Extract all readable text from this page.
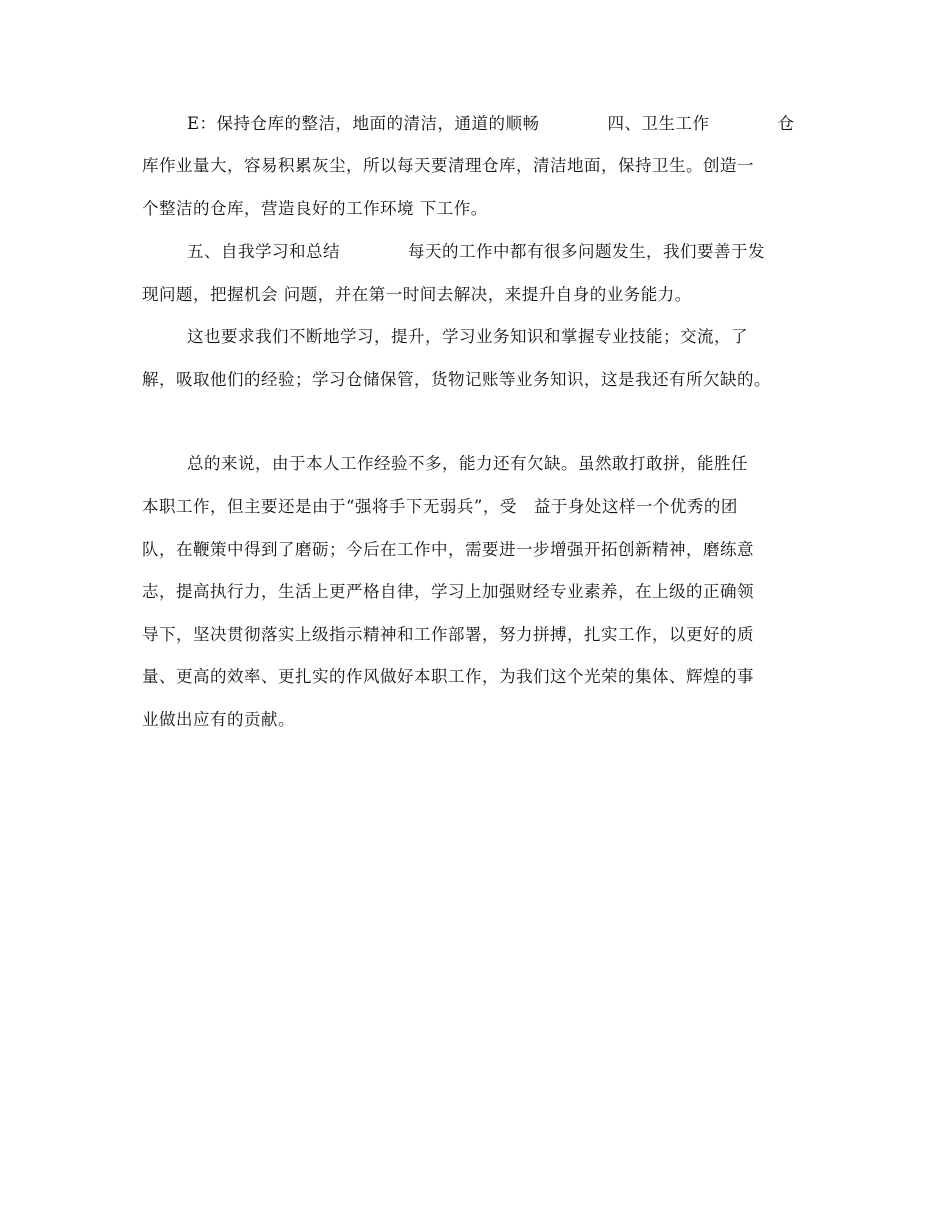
E：保持仓库的整洁，地面的清洁，通道的顺畅　　　　四、卫生工作　　　　仓
库作业量大，容易积累灰尘，所以每天要清理仓库，清洁地面，保持卫生。创造一
个整洁的仓库，营造良好的工作环境 下工作。
五、自我学习和总结　　　　每天的工作中都有很多问题发生，我们要善于发
现问题，把握机会 问题，并在第一时间去解决，来提升自身的业务能力。
这也要求我们不断地学习，提升，学习业务知识和掌握专业技能；交流，了
解，吸取他们的经验；学习仓储保管，货物记账等业务知识，这是我还有所欠缺的。
总的来说，由于本人工作经验不多，能力还有欠缺。虽然敢打敢拼，能胜任
本职工作，但主要还是由于“强将手下无弱兵”，受　益于身处这样一个优秀的团
队，在鞭策中得到了磨砺；今后在工作中，需要进一步增强开拓创新精神，磨练意
志，提高执行力，生活上更严格自律，学习上加强财经专业素养，在上级的正确领
导下，坚决贯彻落实上级指示精神和工作部署，努力拼搏，扎实工作，以更好的质
量、更高的效率、更扎实的作风做好本职工作，为我们这个光荣的集体、辉煌的事
业做出应有的贡献。
